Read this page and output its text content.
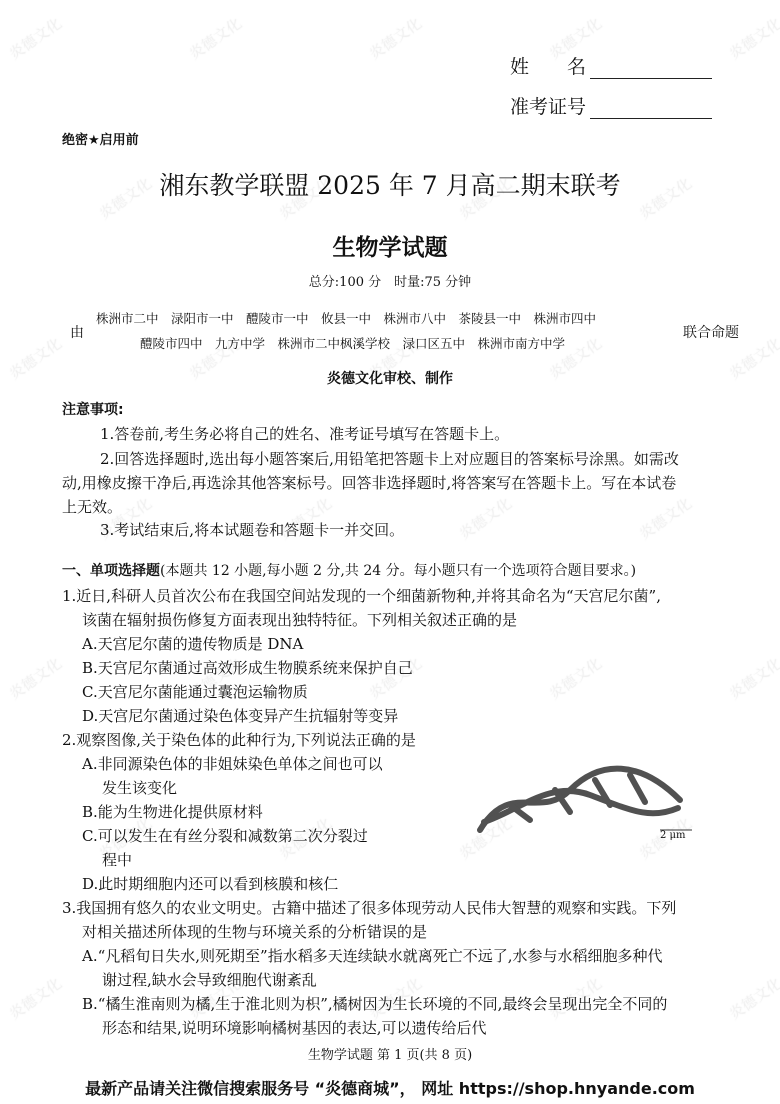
姓　　名
准考证号
绝密★启用前
湘东教学联盟 2025 年 7 月高二期末联考
生物学试题
总分:100 分　时量:75 分钟
由
株洲市二中　渌阳市一中　醴陵市一中　攸县一中　株洲市八中　茶陵县一中　株洲市四中
醴陵市四中　九方中学　株洲市二中枫溪学校　渌口区五中　株洲市南方中学
联合命题
炎德文化审校、制作
注意事项:
1.答卷前,考生务必将自己的姓名、准考证号填写在答题卡上。
2.回答选择题时,选出每小题答案后,用铅笔把答题卡上对应题目的答案标号涂黑。如需改
动,用橡皮擦干净后,再选涂其他答案标号。回答非选择题时,将答案写在答题卡上。写在本试卷
上无效。
3.考试结束后,将本试题卷和答题卡一并交回。
一、单项选择题(本题共 12 小题,每小题 2 分,共 24 分。每小题只有一个选项符合题目要求。)
1.近日,科研人员首次公布在我国空间站发现的一个细菌新物种,并将其命名为“天宫尼尔菌”,
该菌在辐射损伤修复方面表现出独特特征。下列相关叙述正确的是
A.天宫尼尔菌的遗传物质是 DNA
B.天宫尼尔菌通过高效形成生物膜系统来保护自己
C.天宫尼尔菌能通过囊泡运输物质
D.天宫尼尔菌通过染色体变异产生抗辐射等变异
2.观察图像,关于染色体的此种行为,下列说法正确的是
A.非同源染色体的非姐妹染色单体之间也可以
发生该变化
B.能为生物进化提供原材料
C.可以发生在有丝分裂和减数第二次分裂过
程中
D.此时期细胞内还可以看到核膜和核仁
2 μm
3.我国拥有悠久的农业文明史。古籍中描述了很多体现劳动人民伟大智慧的观察和实践。下列
对相关描述所体现的生物与环境关系的分析错误的是
A.“凡稻旬日失水,则死期至”指水稻多天连续缺水就离死亡不远了,水参与水稻细胞多种代
谢过程,缺水会导致细胞代谢紊乱
B.“橘生淮南则为橘,生于淮北则为枳”,橘树因为生长环境的不同,最终会呈现出完全不同的
形态和结果,说明环境影响橘树基因的表达,可以遗传给后代
生物学试题 第 1 页(共 8 页)
最新产品请关注微信搜索服务号 “炎德商城”， 网址 https://shop.hnyande.com
